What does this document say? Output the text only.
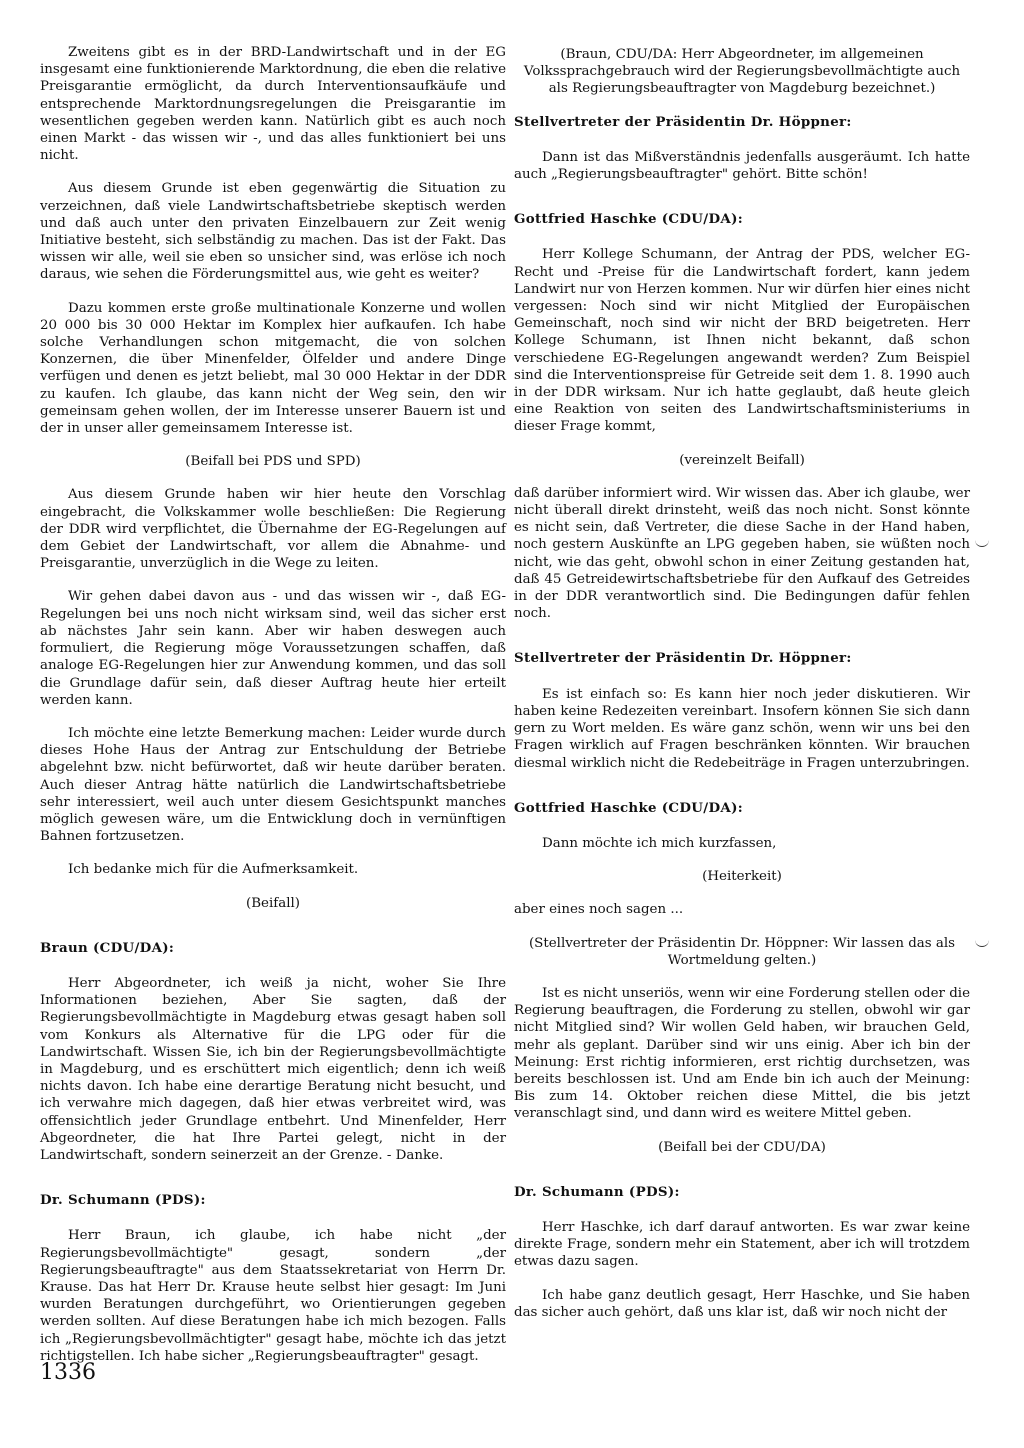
Zweitens gibt es in der BRD-Landwirtschaft und in der EG insgesamt eine funktionierende Marktordnung, die eben die relative Preisgarantie ermöglicht, da durch Interventionsaufkäufe und entsprechende Marktordnungsregelungen die Preisgarantie im wesentlichen gegeben werden kann. Natürlich gibt es auch noch einen Markt - das wissen wir -, und das alles funktioniert bei uns nicht.

Aus diesem Grunde ist eben gegenwärtig die Situation zu verzeichnen, daß viele Landwirtschaftsbetriebe skeptisch werden und daß auch unter den privaten Einzelbauern zur Zeit wenig Initiative besteht, sich selbständig zu machen. Das ist der Fakt. Das wissen wir alle, weil sie eben so unsicher sind, was erlöse ich noch daraus, wie sehen die Förderungsmittel aus, wie geht es weiter?

Dazu kommen erste große multinationale Konzerne und wollen 20 000 bis 30 000 Hektar im Komplex hier aufkaufen. Ich habe solche Verhandlungen schon mitgemacht, die von solchen Konzernen, die über Minenfelder, Ölfelder und andere Dinge verfügen und denen es jetzt beliebt, mal 30 000 Hektar in der DDR zu kaufen. Ich glaube, das kann nicht der Weg sein, den wir gemeinsam gehen wollen, der im Interesse unserer Bauern ist und der in unser aller gemeinsamem Interesse ist.

(Beifall bei PDS und SPD)

Aus diesem Grunde haben wir hier heute den Vorschlag eingebracht, die Volkskammer wolle beschließen: Die Regierung der DDR wird verpflichtet, die Übernahme der EG-Regelungen auf dem Gebiet der Landwirtschaft, vor allem die Abnahme- und Preisgarantie, unverzüglich in die Wege zu leiten.

Wir gehen dabei davon aus - und das wissen wir -, daß EG-Regelungen bei uns noch nicht wirksam sind, weil das sicher erst ab nächstes Jahr sein kann. Aber wir haben deswegen auch formuliert, die Regierung möge Voraussetzungen schaffen, daß analoge EG-Regelungen hier zur Anwendung kommen, und das soll die Grundlage dafür sein, daß dieser Auftrag heute hier erteilt werden kann.

Ich möchte eine letzte Bemerkung machen: Leider wurde durch dieses Hohe Haus der Antrag zur Entschuldung der Betriebe abgelehnt bzw. nicht befürwortet, daß wir heute darüber beraten. Auch dieser Antrag hätte natürlich die Landwirtschaftsbetriebe sehr interessiert, weil auch unter diesem Gesichtspunkt manches möglich gewesen wäre, um die Entwicklung doch in vernünftigen Bahnen fortzusetzen.

Ich bedanke mich für die Aufmerksamkeit.

(Beifall)
Braun (CDU/DA):

Herr Abgeordneter, ich weiß ja nicht, woher Sie Ihre Informationen beziehen, Aber Sie sagten, daß der Regierungsbevollmächtigte in Magdeburg etwas gesagt haben soll vom Konkurs als Alternative für die LPG oder für die Landwirtschaft. Wissen Sie, ich bin der Regierungsbevollmächtigte in Magdeburg, und es erschüttert mich eigentlich; denn ich weiß nichts davon. Ich habe eine derartige Beratung nicht besucht, und ich verwahre mich dagegen, daß hier etwas verbreitet wird, was offensichtlich jeder Grundlage entbehrt. Und Minenfelder, Herr Abgeordneter, die hat Ihre Partei gelegt, nicht in der Landwirtschaft, sondern seinerzeit an der Grenze. - Danke.

Dr. Schumann (PDS):

Herr Braun, ich glaube, ich habe nicht „der Regierungsbevollmächtigte" gesagt, sondern „der Regierungsbeauftragte" aus dem Staatssekretariat von Herrn Dr. Krause. Das hat Herr Dr. Krause heute selbst hier gesagt: Im Juni wurden Beratungen durchgeführt, wo Orientierungen gegeben werden sollten. Auf diese Beratungen habe ich mich bezogen. Falls ich „Regierungsbevollmächtigter" gesagt habe, möchte ich das jetzt richtigstellen. Ich habe sicher „Regierungsbeauftragter" gesagt.

(Braun, CDU/DA: Herr Abgeordneter, im allgemeinen Volkssprachgebrauch wird der Regierungsbevollmächtigte auch als Regierungsbeauftragter von Magdeburg bezeichnet.)
Stellvertreter der Präsidentin Dr. Höppner:

Dann ist das Mißverständnis jedenfalls ausgeräumt. Ich hatte auch „Regierungsbeauftragter" gehört. Bitte schön!

Gottfried Haschke (CDU/DA):

Herr Kollege Schumann, der Antrag der PDS, welcher EG-Recht und -Preise für die Landwirtschaft fordert, kann jedem Landwirt nur von Herzen kommen. Nur wir dürfen hier eines nicht vergessen: Noch sind wir nicht Mitglied der Europäischen Gemeinschaft, noch sind wir nicht der BRD beigetreten. Herr Kollege Schumann, ist Ihnen nicht bekannt, daß schon verschiedene EG-Regelungen angewandt werden? Zum Beispiel sind die Interventionspreise für Getreide seit dem 1. 8. 1990 auch in der DDR wirksam. Nur ich hatte geglaubt, daß heute gleich eine Reaktion von seiten des Landwirtschaftsministeriums in dieser Frage kommt,

(vereinzelt Beifall)

daß darüber informiert wird. Wir wissen das. Aber ich glaube, wer nicht überall direkt drinsteht, weiß das noch nicht. Sonst könnte es nicht sein, daß Vertreter, die diese Sache in der Hand haben, noch gestern Auskünfte an LPG gegeben haben, sie wüßten noch nicht, wie das geht, obwohl schon in einer Zeitung gestanden hat, daß 45 Getreidewirtschaftsbetriebe für den Aufkauf des Getreides in der DDR verantwortlich sind. Die Bedingungen dafür fehlen noch.

Stellvertreter der Präsidentin Dr. Höppner:

Es ist einfach so: Es kann hier noch jeder diskutieren. Wir haben keine Redezeiten vereinbart. Insofern können Sie sich dann gern zu Wort melden. Es wäre ganz schön, wenn wir uns bei den Fragen wirklich auf Fragen beschränken könnten. Wir brauchen diesmal wirklich nicht die Redebeiträge in Fragen unterzubringen.

Gottfried Haschke (CDU/DA):

Dann möchte ich mich kurzfassen,

(Heiterkeit)

aber eines noch sagen ...

(Stellvertreter der Präsidentin Dr. Höppner: Wir lassen das als Wortmeldung gelten.)

Ist es nicht unseriös, wenn wir eine Forderung stellen oder die Regierung beauftragen, die Forderung zu stellen, obwohl wir gar nicht Mitglied sind? Wir wollen Geld haben, wir brauchen Geld, mehr als geplant. Darüber sind wir uns einig. Aber ich bin der Meinung: Erst richtig informieren, erst richtig durchsetzen, was bereits beschlossen ist. Und am Ende bin ich auch der Meinung: Bis zum 14. Oktober reichen diese Mittel, die bis jetzt veranschlagt sind, und dann wird es weitere Mittel geben.

(Beifall bei der CDU/DA)
Dr. Schumann (PDS):

Herr Haschke, ich darf darauf antworten. Es war zwar keine direkte Frage, sondern mehr ein Statement, aber ich will trotzdem etwas dazu sagen.

Ich habe ganz deutlich gesagt, Herr Haschke, und Sie haben das sicher auch gehört, daß uns klar ist, daß wir noch nicht der

1336
